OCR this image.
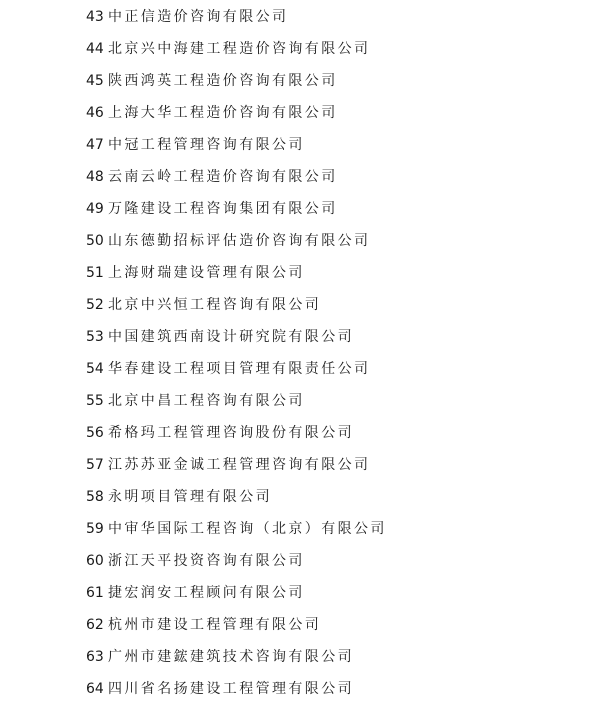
43 中正信造价咨询有限公司
44 北京兴中海建工程造价咨询有限公司
45 陕西鸿英工程造价咨询有限公司
46 上海大华工程造价咨询有限公司
47 中冠工程管理咨询有限公司
48 云南云岭工程造价咨询有限公司
49 万隆建设工程咨询集团有限公司
50 山东德勤招标评估造价咨询有限公司
51 上海财瑞建设管理有限公司
52 北京中兴恒工程咨询有限公司
53 中国建筑西南设计研究院有限公司
54 华春建设工程项目管理有限责任公司
55 北京中昌工程咨询有限公司
56 希格玛工程管理咨询股份有限公司
57 江苏苏亚金诚工程管理咨询有限公司
58 永明项目管理有限公司
59 中审华国际工程咨询（北京）有限公司
60 浙江天平投资咨询有限公司
61 捷宏润安工程顾问有限公司
62 杭州市建设工程管理有限公司
63 广州市建鋐建筑技术咨询有限公司
64 四川省名扬建设工程管理有限公司
